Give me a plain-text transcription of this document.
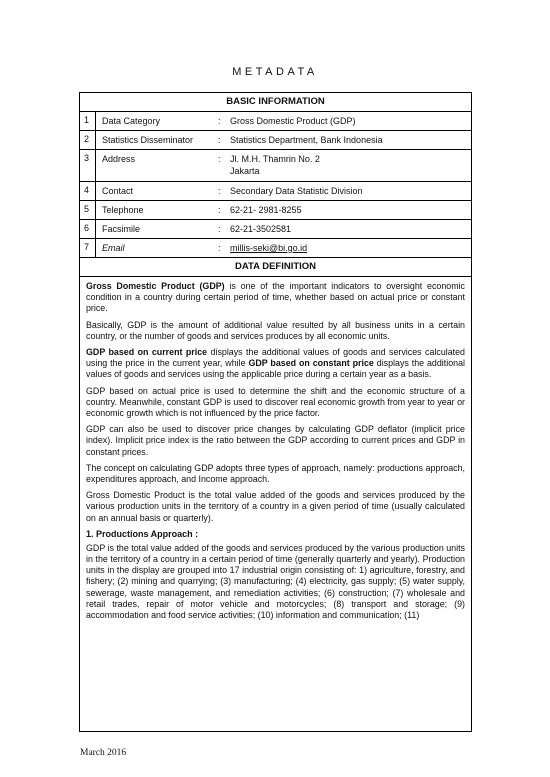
METADATA
BASIC INFORMATION
1	Data Category	:	Gross Domestic Product (GDP)
2	Statistics Disseminator	:	Statistics Department, Bank Indonesia
3	Address	:	Jl. M.H. Thamrin No. 2
Jakarta
4	Contact	:	Secondary Data Statistic Division
5	Telephone	:	62-21- 2981-8255
6	Facsimile	:	62-21-3502581
7	Email	:	millis-seki@bi.go.id
DATA DEFINITION

Gross Domestic Product (GDP) is one of the important indicators to oversight economic condition in a country during certain period of time, whether based on actual price or constant price.

Basically, GDP is the amount of additional value resulted by all business units in a certain country, or the number of goods and services produces by all economic units.

GDP based on current price displays the additional values of goods and services calculated using the price in the current year, while GDP based on constant price displays the additional values of goods and services using the applicable price during a certain year as a basis.

GDP based on actual price is used to determine the shift and the economic structure of a country. Meanwhile, constant GDP is used to discover real economic growth from year to year or economic growth which is not influenced by the price factor.

GDP can also be used to discover price changes by calculating GDP deflator (implicit price index). Implicit price index is the ratio between the GDP according to current prices and GDP in constant prices.

The concept on calculating GDP adopts three types of approach, namely: productions approach, expenditures approach, and Income approach.

Gross Domestic Product is the total value added of the goods and services produced by the various production units in the territory of a country in a given period of time (usually calculated on an annual basis or quarterly).

1. Productions Approach :

GDP is the total value added of the goods and services produced by the various production units in the territory of a country in a certain period of time (generally quarterly and yearly). Production units in the display are grouped into 17 industrial origin consisting of: 1) agriculture, forestry, and fishery; (2) mining and quarrying; (3) manufacturing; (4) electricity, gas supply; (5) water supply, sewerage, waste management, and remediation activities; (6) construction; (7) wholesale and retail trades, repair of motor vehicle and motorcycles; (8) transport and storage; (9) accommodation and food service activities; (10) information and communication; (11)

March 2016
